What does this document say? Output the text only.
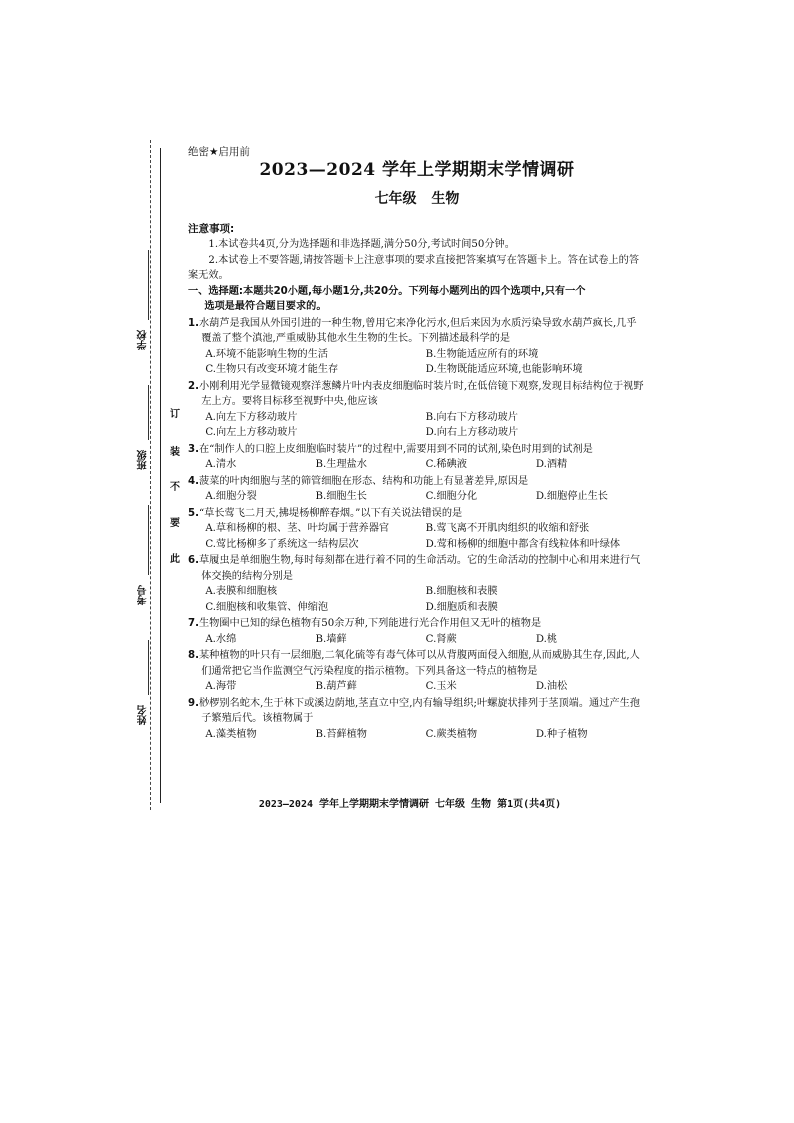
学校
班级
考号
姓名
订
装
不
要
此
绝密★启用前
2023—2024 学年上学期期末学情调研
七年级 生物
注意事项:

1.本试卷共4页,分为选择题和非选择题,满分50分,考试时间50分钟。

2.本试卷上不要答题,请按答题卡上注意事项的要求直接把答案填写在答题卡上。答在试卷上的答案无效。

一、选择题:本题共20小题,每小题1分,共20分。下列每小题列出的四个选项中,只有一个
选项是最符合题目要求的。

1.水葫芦是我国从外国引进的一种生物,曾用它来净化污水,但后来因为水质污染导致水葫芦疯长,几乎覆盖了整个滇池,严重威胁其他水生生物的生长。下列描述最科学的是

A.环境不能影响生物的生活	B.生物能适应所有的环境
C.生物只有改变环境才能生存	D.生物既能适应环境,也能影响环境

2.小刚利用光学显微镜观察洋葱鳞片叶内表皮细胞临时装片时,在低倍镜下观察,发现目标结构位于视野左上方。要将目标移至视野中央,他应该

A.向左下方移动玻片	B.向右下方移动玻片
C.向左上方移动玻片	D.向右上方移动玻片

3.在“制作人的口腔上皮细胞临时装片”的过程中,需要用到不同的试剂,染色时用到的试剂是

A.清水	B.生理盐水	C.稀碘液	D.酒精

4.菠菜的叶肉细胞与茎的筛管细胞在形态、结构和功能上有显著差异,原因是

A.细胞分裂	B.细胞生长	C.细胞分化	D.细胞停止生长

5.“草长莺飞二月天,拂堤杨柳醉春烟。”以下有关说法错误的是

A.草和杨柳的根、茎、叶均属于营养器官	B.莺飞离不开肌肉组织的收缩和舒张
C.莺比杨柳多了系统这一结构层次	D.莺和杨柳的细胞中都含有线粒体和叶绿体

6.草履虫是单细胞生物,每时每刻都在进行着不同的生命活动。它的生命活动的控制中心和用来进行气体交换的结构分别是

A.表膜和细胞核	B.细胞核和表膜
C.细胞核和收集管、伸缩泡	D.细胞质和表膜

7.生物圈中已知的绿色植物有50余万种,下列能进行光合作用但又无叶的植物是

A.水绵	B.墙藓	C.肾蕨	D.桃

8.某种植物的叶只有一层细胞,二氧化硫等有毒气体可以从背腹两面侵入细胞,从而威胁其生存,因此,人们通常把它当作监测空气污染程度的指示植物。下列具备这一特点的植物是

A.海带	B.葫芦藓	C.玉米	D.油松

9.桫椤别名蛇木,生于林下或溪边荫地,茎直立中空,内有输导组织;叶螺旋状排列于茎顶端。通过产生孢子繁殖后代。该植物属于

A.藻类植物	B.苔藓植物	C.蕨类植物	D.种子植物
2023—2024 学年上学期期末学情调研 七年级 生物 第1页(共4页)
